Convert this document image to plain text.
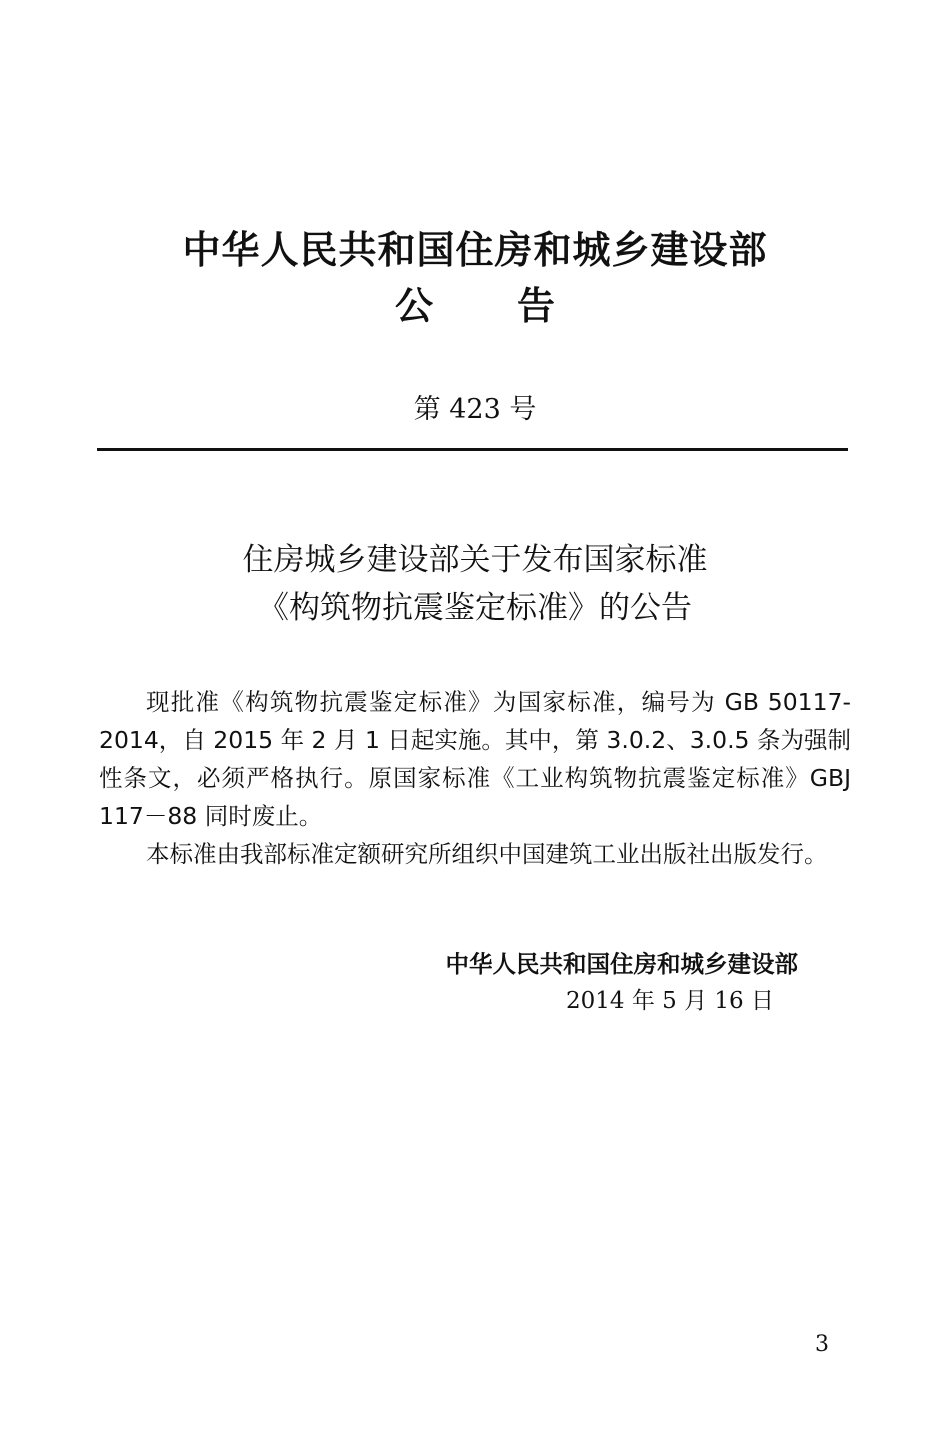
中华人民共和国住房和城乡建设部
公告
第 423 号
住房城乡建设部关于发布国家标准
《构筑物抗震鉴定标准》的公告

现批准《构筑物抗震鉴定标准》为国家标准，编号为 GB 50117-2014，自 2015 年 2 月 1 日起实施。其中，第 3.0.2、3.0.5 条为强制性条文，必须严格执行。原国家标准《工业构筑物抗震鉴定标准》GBJ 117－88 同时废止。

本标准由我部标准定额研究所组织中国建筑工业出版社出版发行。

中华人民共和国住房和城乡建设部
2014 年 5 月 16 日
3
